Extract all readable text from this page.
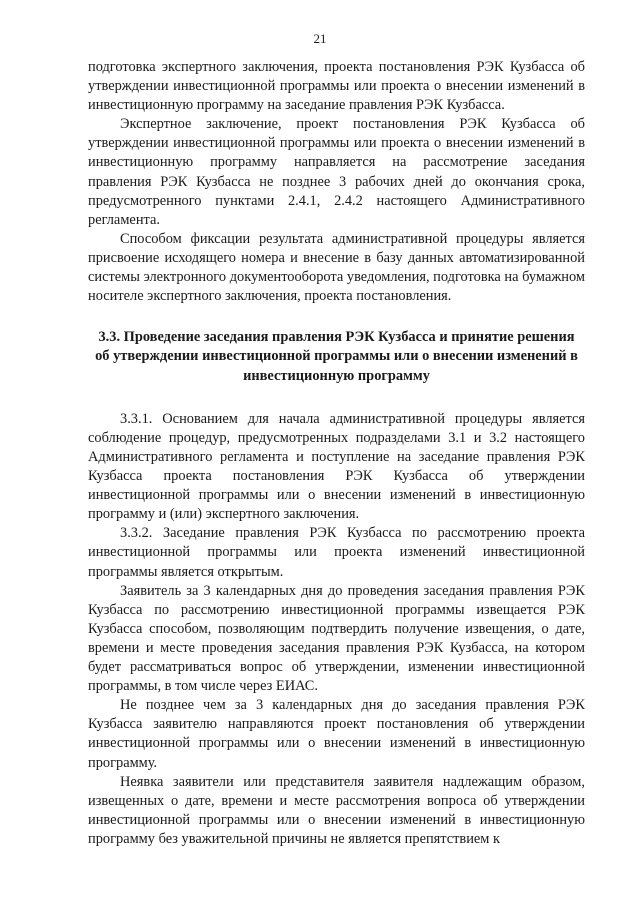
21

подготовка экспертного заключения, проекта постановления РЭК Кузбасса об утверждении инвестиционной программы или проекта о внесении изменений в инвестиционную программу на заседание правления РЭК Кузбасса.

Экспертное заключение, проект постановления РЭК Кузбасса об утверждении инвестиционной программы или проекта о внесении изменений в инвестиционную программу направляется на рассмотрение заседания правления РЭК Кузбасса не позднее 3 рабочих дней до окончания срока, предусмотренного пунктами 2.4.1, 2.4.2 настоящего Административного регламента.

Способом фиксации результата административной процедуры является присвоение исходящего номера и внесение в базу данных автоматизированной системы электронного документооборота уведомления, подготовка на бумажном носителе экспертного заключения, проекта постановления.

3.3. Проведение заседания правления РЭК Кузбасса и принятие решения об утверждении инвестиционной программы или о внесении изменений в инвестиционную программу

3.3.1. Основанием для начала административной процедуры является соблюдение процедур, предусмотренных подразделами 3.1 и 3.2 настоящего Административного регламента и поступление на заседание правления РЭК Кузбасса проекта постановления РЭК Кузбасса об утверждении инвестиционной программы или о внесении изменений в инвестиционную программу и (или) экспертного заключения.

3.3.2. Заседание правления РЭК Кузбасса по рассмотрению проекта инвестиционной программы или проекта изменений инвестиционной программы является открытым.

Заявитель за 3 календарных дня до проведения заседания правления РЭК Кузбасса по рассмотрению инвестиционной программы извещается РЭК Кузбасса способом, позволяющим подтвердить получение извещения, о дате, времени и месте проведения заседания правления РЭК Кузбасса, на котором будет рассматриваться вопрос об утверждении, изменении инвестиционной программы, в том числе через ЕИАС.

Не позднее чем за 3 календарных дня до заседания правления РЭК Кузбасса заявителю направляются проект постановления об утверждении инвестиционной программы или о внесении изменений в инвестиционную программу.

Неявка заявители или представителя заявителя надлежащим образом, извещенных о дате, времени и месте рассмотрения вопроса об утверждении инвестиционной программы или о внесении изменений в инвестиционную программу без уважительной причины не является препятствием к
